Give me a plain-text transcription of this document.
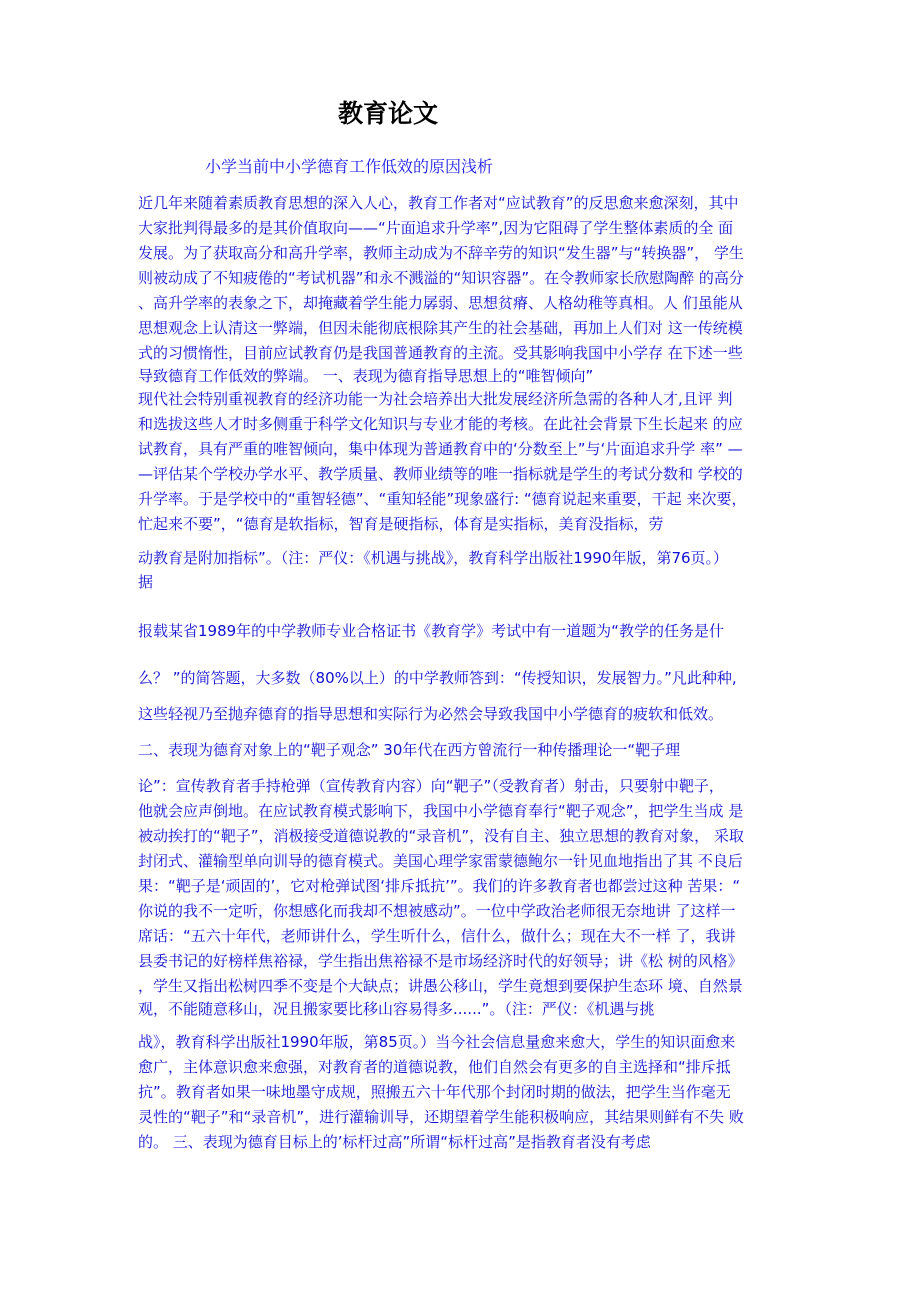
教育论文
小学当前中小学德育工作低效的原因浅析
近几年来随着素质教育思想的深入人心，教育工作者对“应试教育”的反思愈来愈深刻，其中
大家批判得最多的是其价值取向——“片面追求升学率”,因为它阻碍了学生整体素质的全 面
发展。为了获取高分和高升学率，教师主动成为不辞辛劳的知识“发生器”与“转换器”， 学生
则被动成了不知疲倦的“考试机器”和永不溅溢的“知识容器”。在令教师家长欣慰陶醉 的高分
、高升学率的表象之下，却掩藏着学生能力孱弱、思想贫瘠、人格幼稚等真相。人 们虽能从
思想观念上认清这一弊端，但因未能彻底根除其产生的社会基础，再加上人们对 这一传统模
式的习惯惰性，目前应试教育仍是我国普通教育的主流。受其影响我国中小学存 在下述一些
导致德育工作低效的弊端。 一、表现为德育指导思想上的“唯智倾向”
现代社会特别重视教育的经济功能一为社会培养出大批发展经济所急需的各种人才,且评 判
和选拔这些人才时多侧重于科学文化知识与专业才能的考核。在此社会背景下生长起来 的应
试教育，具有严重的唯智倾向，集中体现为普通教育中的‘分数至上”与‘片面追求升学 率” —
—评估某个学校办学水平、教学质量、教师业绩等的唯一指标就是学生的考试分数和 学校的
升学率。于是学校中的“重智轻德”、“重知轻能”现象盛行: “德育说起来重要，干起 来次要，
忙起来不要”，“德育是软指标，智育是硬指标，体育是实指标，美育没指标，劳
动教育是附加指标”。（注：严仪：《机遇与挑战》，教育科学出版社1990年版，第76页。）
据
报载某省1989年的中学教师专业合格证书《教育学》考试中有一道题为“教学的任务是什
么？ ”的简答题，大多数（80%以上）的中学教师答到：“传授知识，发展智力。”凡此种种,
这些轻视乃至抛弃德育的指导思想和实际行为必然会导致我国中小学德育的疲软和低效。
二、表现为德育对象上的“靶子观念” 30年代在西方曾流行一种传播理论一“靶子理
论”：宣传教育者手持枪弹（宣传教育内容）向“靶子”（受教育者）射击，只要射中靶子，
他就会应声倒地。在应试教育模式影响下，我国中小学德育奉行“靶子观念”，把学生当成 是
被动挨打的“靶子”，消极接受道德说教的“录音机”，没有自主、独立思想的教育对象， 采取
封闭式、灌输型单向训导的德育模式。美国心理学家雷蒙德鲍尔一针见血地指出了其 不良后
果：“靶子是‘顽固的’，它对枪弹试图‘排斥抵抗’”。我们的许多教育者也都尝过这种 苦果：“
你说的我不一定听，你想感化而我却不想被感动”。一位中学政治老师很无奈地讲 了这样一
席话：“五六十年代，老师讲什么，学生听什么，信什么，做什么；现在大不一样 了，我讲
县委书记的好榜样焦裕禄，学生指出焦裕禄不是市场经济时代的好领导；讲《松 树的风格》
，学生又指出松树四季不变是个大缺点；讲愚公移山，学生竟想到要保护生态环 境、自然景
观，不能随意移山，况且搬家要比移山容易得多......”。（注：严仪：《机遇与挑
战》，教育科学出版社1990年版，第85页。）当今社会信息量愈来愈大，学生的知识面愈来
愈广，主体意识愈来愈强，对教育者的道德说教，他们自然会有更多的自主选择和“排斥抵
抗”。教育者如果一味地墨守成规，照搬五六十年代那个封闭时期的做法，把学生当作毫无
灵性的“靶子”和“录音机”，进行灌输训导，还期望着学生能积极响应，其结果则鲜有不失 败
的。 三、表现为德育目标上的’标杆过高”所谓“标杆过高”是指教育者没有考虑
